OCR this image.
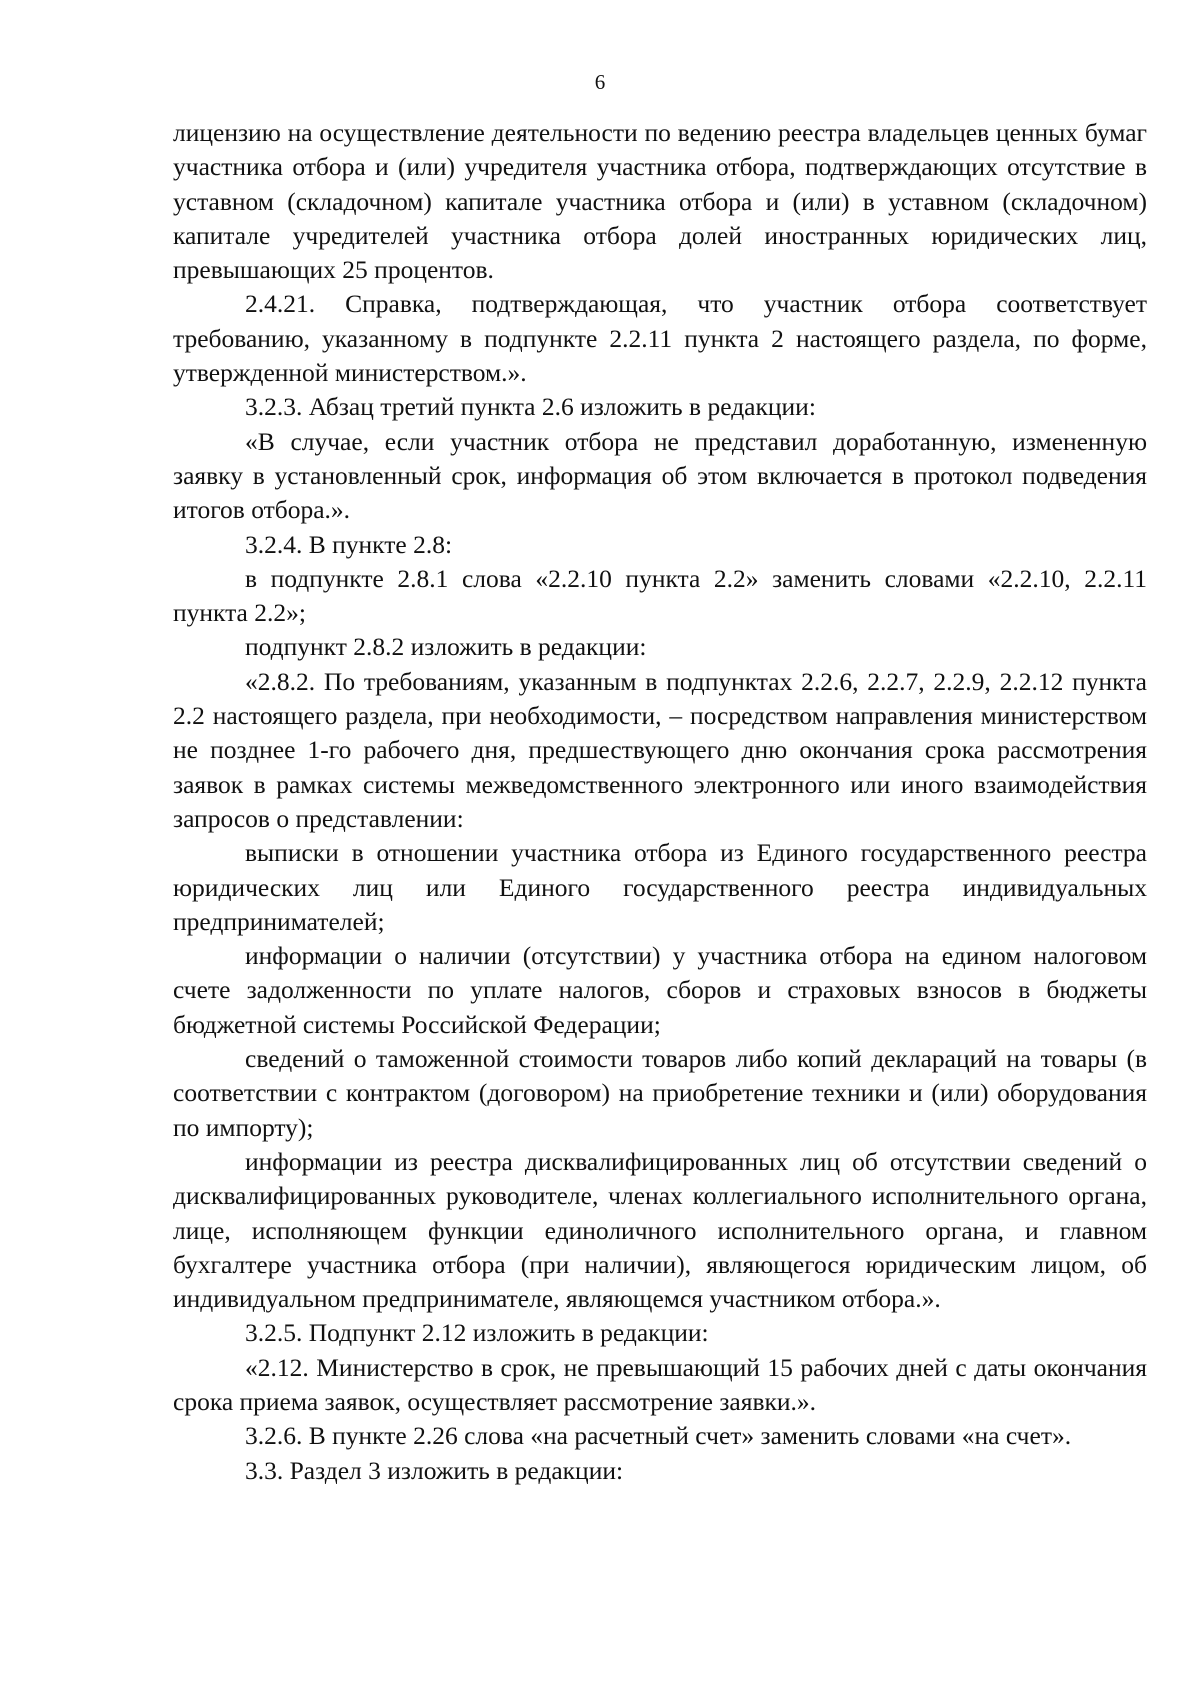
6

лицензию на осуществление деятельности по ведению реестра владельцев ценных бумаг участника отбора и (или) учредителя участника отбора, подтверждающих отсутствие в уставном (складочном) капитале участника отбора и (или) в уставном (складочном) капитале учредителей участника отбора долей иностранных юридических лиц, превышающих 25 процентов.

2.4.21. Справка, подтверждающая, что участник отбора соответствует требованию, указанному в подпункте 2.2.11 пункта 2 настоящего раздела, по форме, утвержденной министерством.».

3.2.3. Абзац третий пункта 2.6 изложить в редакции:

«В случае, если участник отбора не представил доработанную, измененную заявку в установленный срок, информация об этом включается в протокол подведения итогов отбора.».

3.2.4. В пункте 2.8:

в подпункте 2.8.1 слова «2.2.10 пункта 2.2» заменить словами «2.2.10, 2.2.11 пункта 2.2»;

подпункт 2.8.2 изложить в редакции:

«2.8.2. По требованиям, указанным в подпунктах 2.2.6, 2.2.7, 2.2.9, 2.2.12 пункта 2.2 настоящего раздела, при необходимости, – посредством направления министерством не позднее 1-го рабочего дня, предшествующего дню окончания срока рассмотрения заявок в рамках системы межведомственного электронного или иного взаимодействия запросов о представлении:

выписки в отношении участника отбора из Единого государственного реестра юридических лиц или Единого государственного реестра индивидуальных предпринимателей;

информации о наличии (отсутствии) у участника отбора на едином налоговом счете задолженности по уплате налогов, сборов и страховых взносов в бюджеты бюджетной системы Российской Федерации;

сведений о таможенной стоимости товаров либо копий деклараций на товары (в соответствии с контрактом (договором) на приобретение техники и (или) оборудования по импорту);

информации из реестра дисквалифицированных лиц об отсутствии сведений о дисквалифицированных руководителе, членах коллегиального исполнительного органа, лице, исполняющем функции единоличного исполнительного органа, и главном бухгалтере участника отбора (при наличии), являющегося юридическим лицом, об индивидуальном предпринимателе, являющемся участником отбора.».

3.2.5. Подпункт 2.12 изложить в редакции:

«2.12. Министерство в срок, не превышающий 15 рабочих дней с даты окончания срока приема заявок, осуществляет рассмотрение заявки.».

3.2.6. В пункте 2.26 слова «на расчетный счет» заменить словами «на счет».

3.3. Раздел 3 изложить в редакции:
